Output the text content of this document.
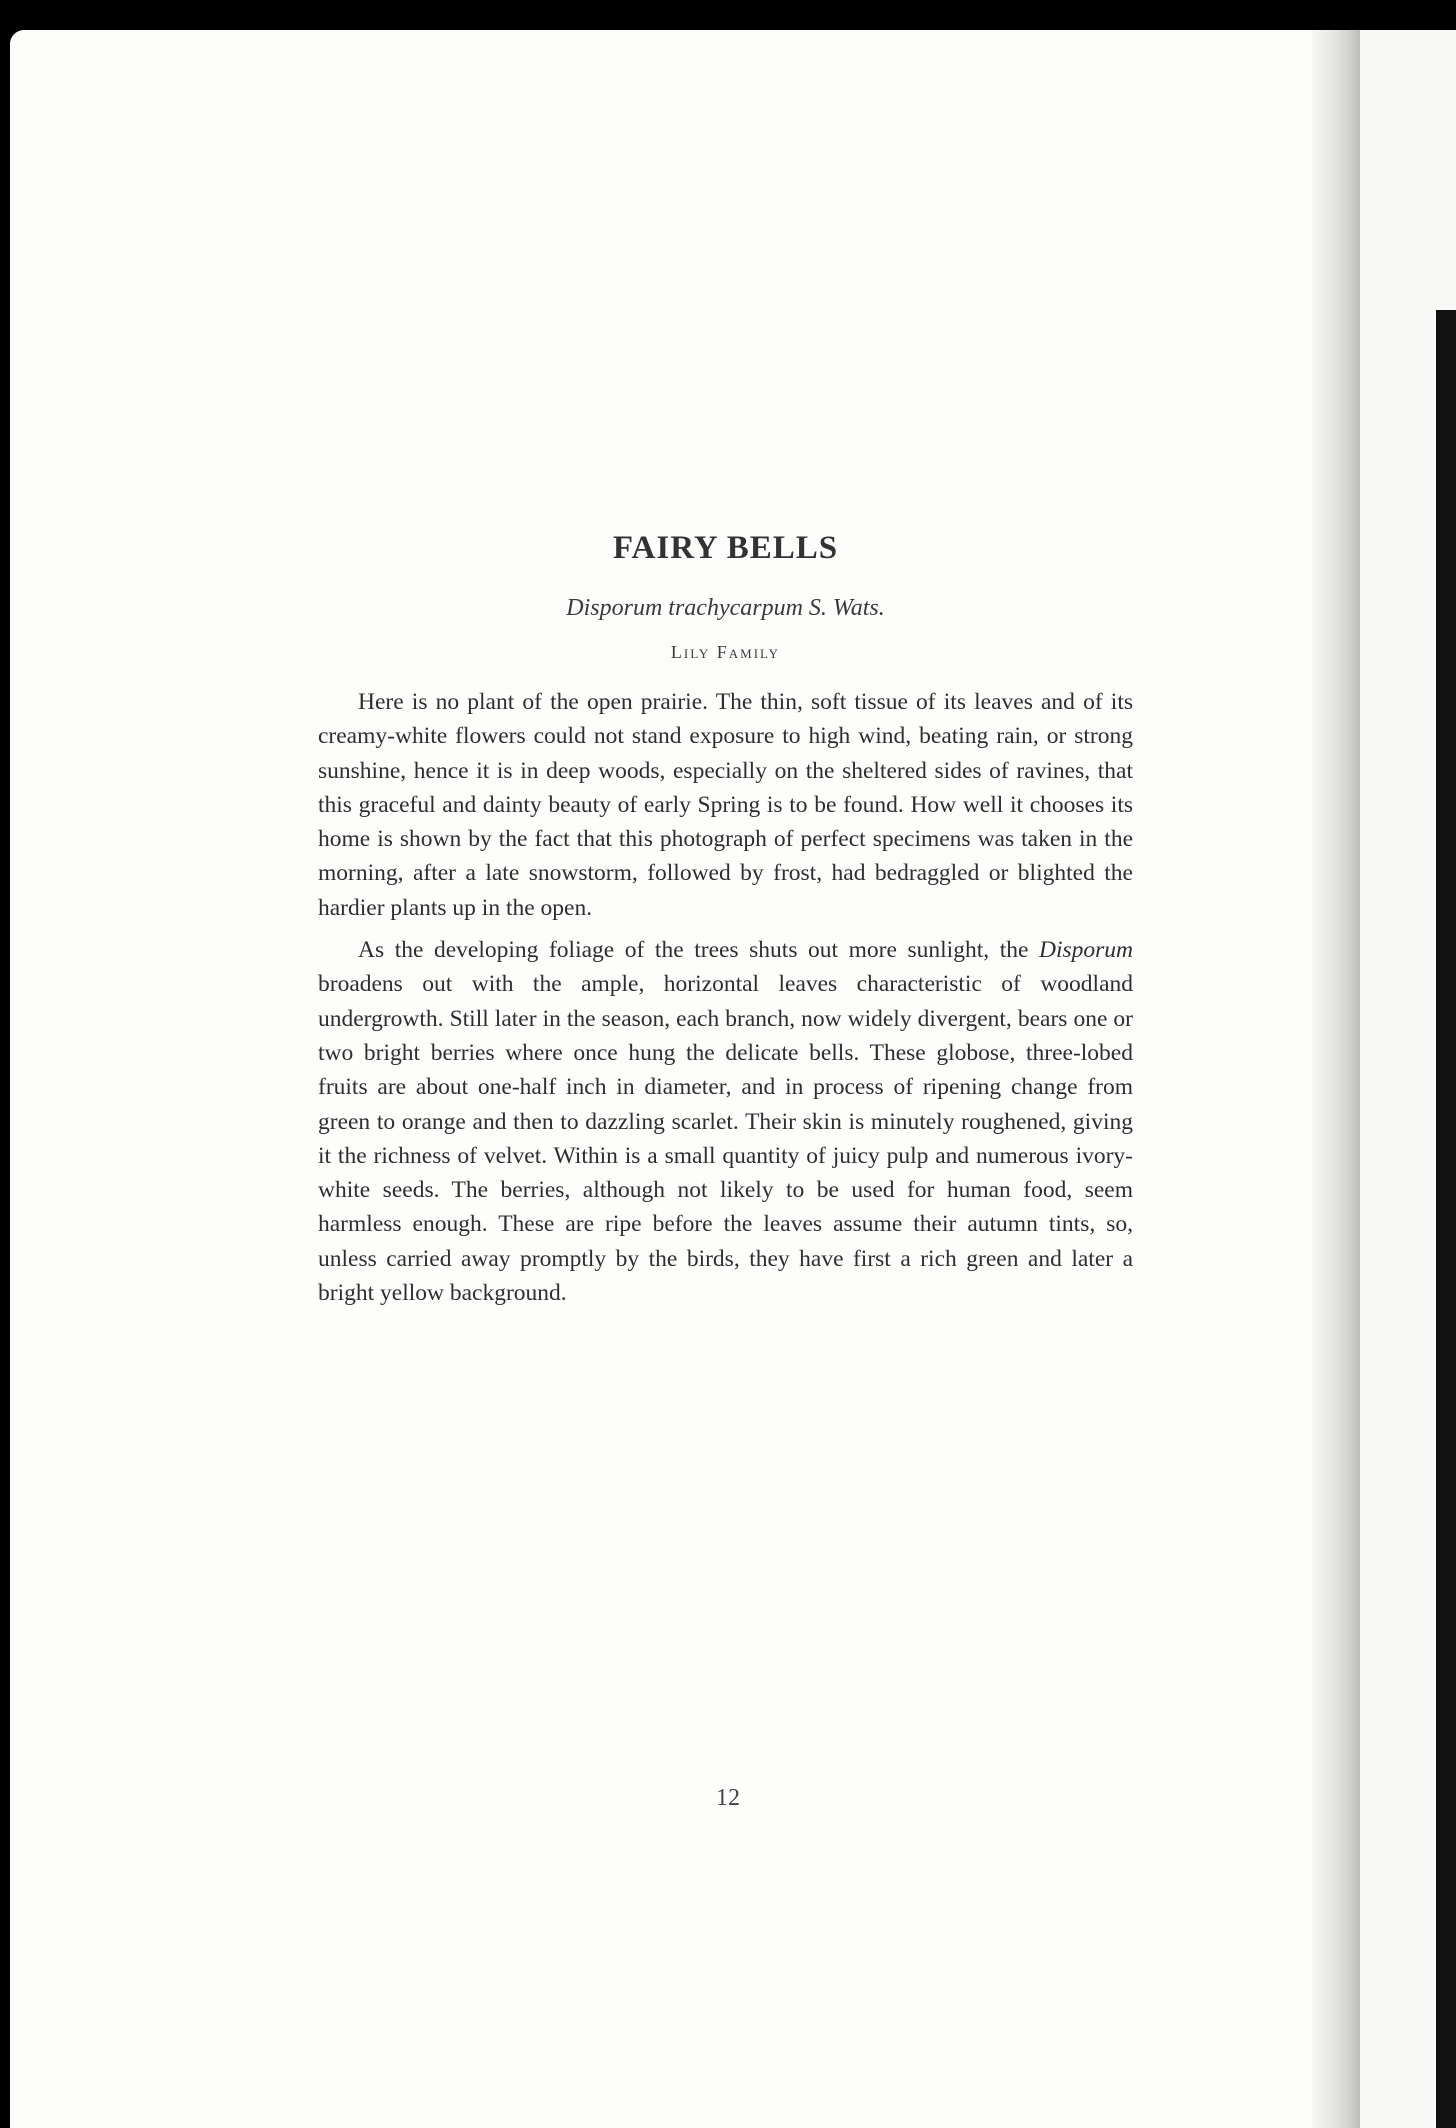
FAIRY BELLS
Disporum trachycarpum S. Wats.
Lily Family

Here is no plant of the open prairie. The thin, soft tissue of its leaves and of its creamy-white flowers could not stand exposure to high wind, beating rain, or strong sunshine, hence it is in deep woods, especially on the sheltered sides of ravines, that this graceful and dainty beauty of early Spring is to be found. How well it chooses its home is shown by the fact that this photograph of perfect specimens was taken in the morning, after a late snowstorm, followed by frost, had bedraggled or blighted the hardier plants up in the open.

As the developing foliage of the trees shuts out more sunlight, the Disporum broadens out with the ample, horizontal leaves characteristic of woodland undergrowth. Still later in the season, each branch, now widely divergent, bears one or two bright berries where once hung the delicate bells. These globose, three-lobed fruits are about one-half inch in diameter, and in process of ripening change from green to orange and then to dazzling scarlet. Their skin is minutely roughened, giving it the richness of velvet. Within is a small quantity of juicy pulp and numerous ivory-white seeds. The berries, although not likely to be used for human food, seem harmless enough. These are ripe before the leaves assume their autumn tints, so, unless carried away promptly by the birds, they have first a rich green and later a bright yellow background.

12
